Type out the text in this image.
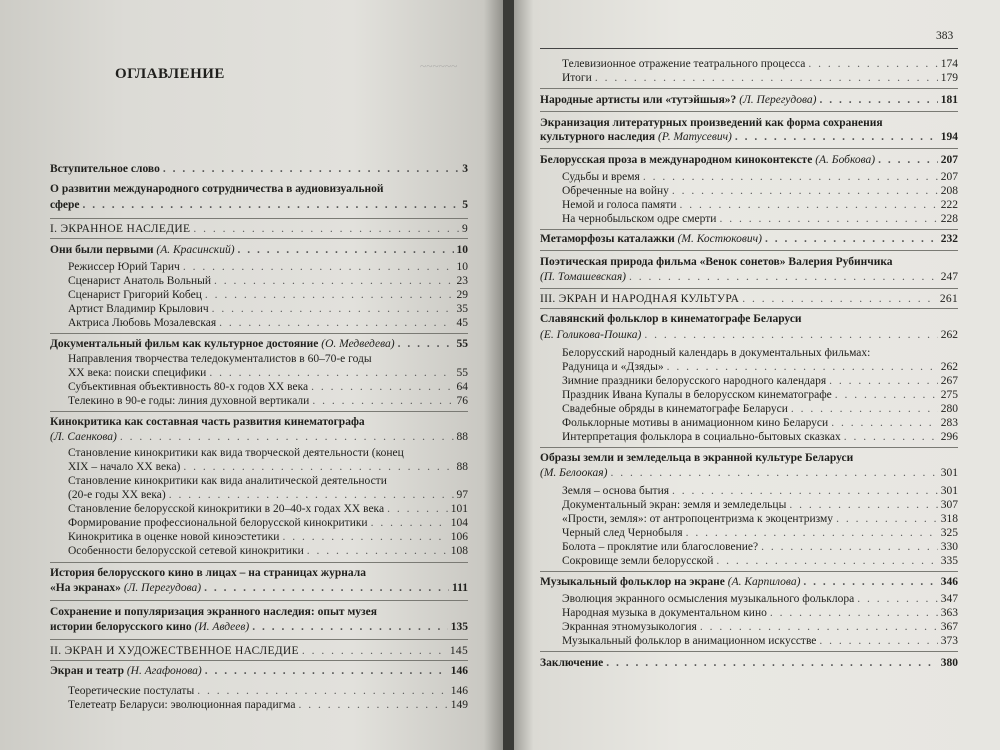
~~~~~~
ОГЛАВЛЕНИЕ
Вступительное слово . . .	3
О развитии международного сотрудничества в аудиовизуальной
сфере . . .	5
I. ЭКРАННОЕ НАСЛЕДИЕ . . .	9
Они были первыми (А. Красинский) . . .	10
Режиссер Юрий Тарич . . .	10
Сценарист Анатоль Вольный . . .	23
Сценарист Григорий Кобец . . .	29
Артист Владимир Крылович . . .	35
Актриса Любовь Мозалевская . . .	45
Документальный фильм как культурное достояние (О. Медведева) . . .	55
Направления творчества теледокументалистов в 60–70-е годы
XX века: поиски специфики . . .	55
Субъективная объективность 80-х годов XX века . . .	64
Телекино в 90-е годы: линия духовной вертикали . . .	76
Кинокритика как составная часть развития кинематографа
(Л. Саенкова) . . .	88
Становление кинокритики как вида творческой деятельности (конец
XIX – начало XX века) . . .	88
Становление кинокритики как вида аналитической деятельности
(20-е годы XX века) . . .	97
Становление белорусской кинокритики в 20–40-х годах XX века . . .	101
Формирование профессиональной белорусской кинокритики . . .	104
Кинокритика в оценке новой киноэстетики . . .	106
Особенности белорусской сетевой кинокритики . . .	108
История белорусского кино в лицах – на страницах журнала
«На экранах» (Л. Перегудова) . . .	111
Сохранение и популяризация экранного наследия: опыт музея
истории белорусского кино (И. Авдеев) . . .	135
II. ЭКРАН И ХУДОЖЕСТВЕННОЕ НАСЛЕДИЕ . . .	145
Экран и театр (Н. Агафонова) . . .	146
Теоретические постулаты . . .	146
Телетеатр Беларуси: эволюционная парадигма . . .	149
383
Телевизионное отражение театрального процесса . . .	174
Итоги . . .	179
Народные артисты или «тутэйшыя»? (Л. Перегудова) . . .	181
Экранизация литературных произведений как форма сохранения
культурного наследия (Р. Матусевич) . . .	194
Белорусская проза в международном киноконтексте (А. Бобкова) . . .	207
Судьбы и время . . .	207
Обреченные на войну . . .	208
Немой и голоса памяти . . .	222
На чернобыльском одре смерти . . .	228
Метаморфозы каталажки (М. Костюкович) . . .	232
Поэтическая природа фильма «Венок сонетов» Валерия Рубинчика
(П. Томашевская) . . .	247
III. ЭКРАН И НАРОДНАЯ КУЛЬТУРА . . .	261
Славянский фольклор в кинематографе Беларуси
(Е. Голикова-Пошка) . . .	262
Белорусский народный календарь в документальных фильмах:
Радуница и «Дзяды» . . .	262
Зимние праздники белорусского народного календаря . . .	267
Праздник Ивана Купалы в белорусском кинематографе . . .	275
Свадебные обряды в кинематографе Беларуси . . .	280
Фольклорные мотивы в анимационном кино Беларуси . . .	283
Интерпретация фольклора в социально-бытовых сказках . . .	296
Образы земли и земледельца в экранной культуре Беларуси
(М. Белоокая) . . .	301
Земля – основа бытия . . .	301
Документальный экран: земля и земледельцы . . .	307
«Прости, земля»: от антропоцентризма к экоцентризму . . .	318
Черный след Чернобыля . . .	325
Болота – проклятие или благословение? . . .	330
Сокровище земли белорусской . . .	335
Музыкальный фольклор на экране (А. Карпилова) . . .	346
Эволюция экранного осмысления музыкального фольклора . . .	347
Народная музыка в документальном кино . . .	363
Экранная этномузыкология . . .	367
Музыкальный фольклор в анимационном искусстве . . .	373
Заключение . . .	380
